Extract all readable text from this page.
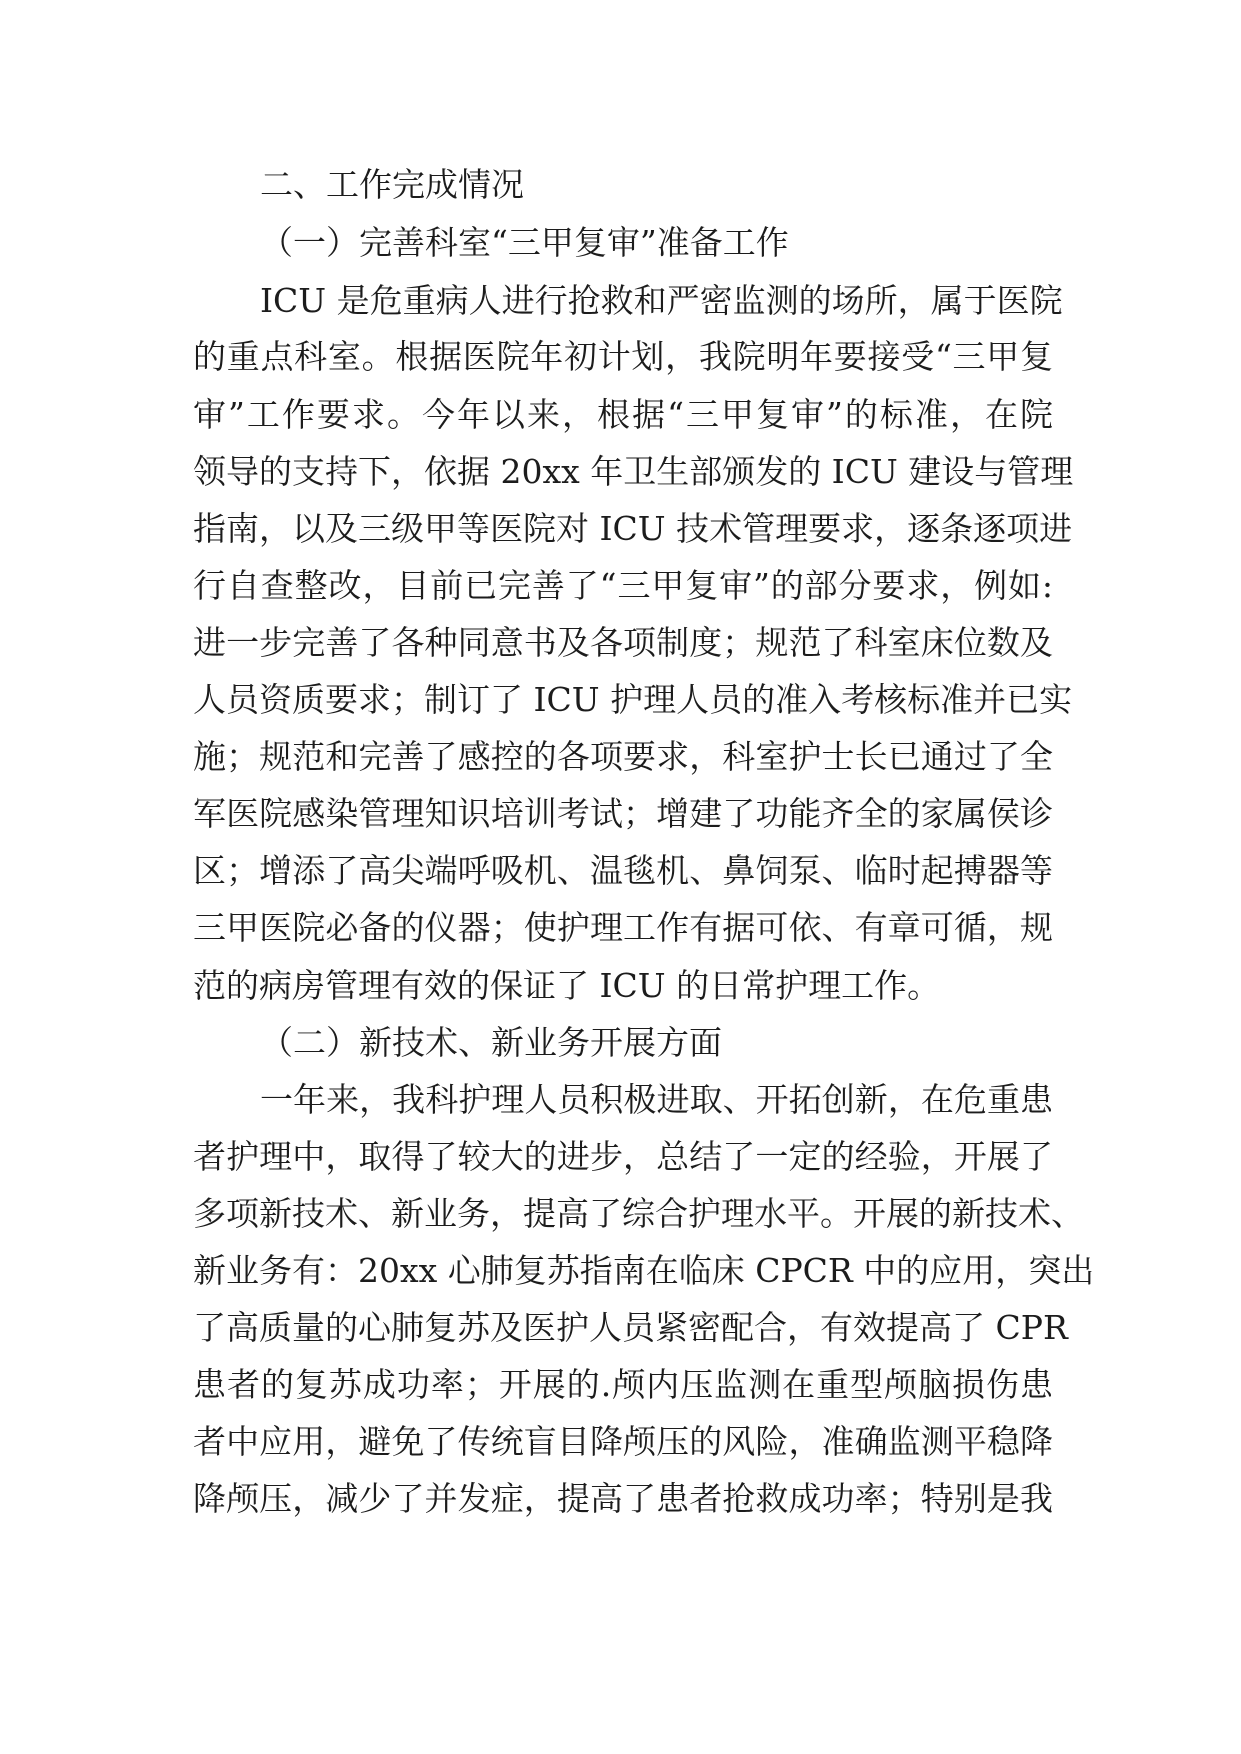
二、工作完成情况
（一）完善科室“三甲复审”准备工作
ICU 是危重病人进行抢救和严密监测的场所，属于医院
的重点科室。根据医院年初计划，我院明年要接受“三甲复
审”工作要求。今年以来，根据“三甲复审”的标准，在院
领导的支持下，依据 20xx 年卫生部颁发的 ICU 建设与管理
指南，以及三级甲等医院对 ICU 技术管理要求，逐条逐项进
行自查整改，目前已完善了“三甲复审”的部分要求，例如:
进一步完善了各种同意书及各项制度；规范了科室床位数及
人员资质要求；制订了 ICU 护理人员的准入考核标准并已实
施；规范和完善了感控的各项要求，科室护士长已通过了全
军医院感染管理知识培训考试；增建了功能齐全的家属侯诊
区；增添了高尖端呼吸机、温毯机、鼻饲泵、临时起搏器等
三甲医院必备的仪器；使护理工作有据可依、有章可循，规
范的病房管理有效的保证了 ICU 的日常护理工作。
（二）新技术、新业务开展方面
一年来，我科护理人员积极进取、开拓创新，在危重患
者护理中，取得了较大的进步，总结了一定的经验，开展了
多项新技术、新业务，提高了综合护理水平。开展的新技术、
新业务有：20xx 心肺复苏指南在临床 CPCR 中的应用，突出
了高质量的心肺复苏及医护人员紧密配合，有效提高了 CPR
患者的复苏成功率；开展的.颅内压监测在重型颅脑损伤患
者中应用，避免了传统盲目降颅压的风险，准确监测平稳降
降颅压，减少了并发症，提高了患者抢救成功率；特别是我
